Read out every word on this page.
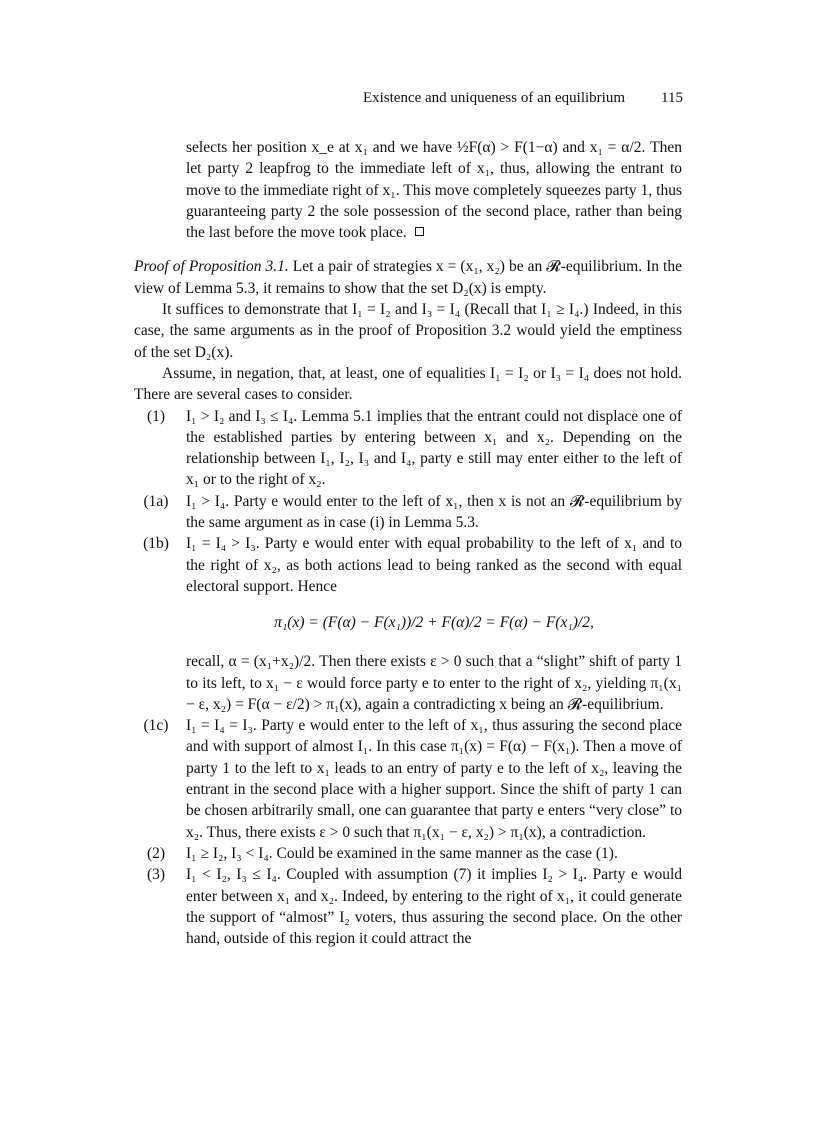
Existence and uniqueness of an equilibrium 115

selects her position x_e at x₁ and we have ½F(α) > F(1−α) and x₁ = α/2. Then let party 2 leapfrog to the immediate left of x₁, thus, allowing the entrant to move to the immediate right of x₁. This move completely squeezes party 1, thus guaranteeing party 2 the sole possession of the second place, rather than being the last before the move took place.

Proof of Proposition 3.1. Let a pair of strategies x = (x₁, x₂) be an 𝓡-equilibrium. In the view of Lemma 5.3, it remains to show that the set D₂(x) is empty.

It suffices to demonstrate that I₁ = I₂ and I₃ = I₄ (Recall that I₁ ≥ I₄.) Indeed, in this case, the same arguments as in the proof of Proposition 3.2 would yield the emptiness of the set D₂(x).

Assume, in negation, that, at least, one of equalities I₁ = I₂ or I₃ = I₄ does not hold. There are several cases to consider.

(1)	I₁ > I₂ and I₃ ≤ I₄. Lemma 5.1 implies that the entrant could not displace one of the established parties by entering between x₁ and x₂. Depending on the relationship between I₁, I₂, I₃ and I₄, party e still may enter either to the left of x₁ or to the right of x₂.
(1a)	I₁ > I₄. Party e would enter to the left of x₁, then x is not an 𝓡-equilibrium by the same argument as in case (i) in Lemma 5.3.
(1b)	I₁ = I₄ > I₃. Party e would enter with equal probability to the left of x₁ and to the right of x₂, as both actions lead to being ranked as the second with equal electoral support. Hence
π₁(x) = (F(α) − F(x₁))/2 + F(α)/2 = F(α) − F(x₁)/2,
recall, α = (x₁+x₂)/2. Then there exists ε > 0 such that a “slight” shift of party 1 to its left, to x₁ − ε would force party e to enter to the right of x₂, yielding π₁(x₁ − ε, x₂) = F(α − ε/2) > π₁(x), again a contradicting x being an 𝓡-equilibrium.
(1c)	I₁ = I₄ = I₃. Party e would enter to the left of x₁, thus assuring the second place and with support of almost I₁. In this case π₁(x) = F(α) − F(x₁). Then a move of party 1 to the left to x₁ leads to an entry of party e to the left of x₂, leaving the entrant in the second place with a higher support. Since the shift of party 1 can be chosen arbitrarily small, one can guarantee that party e enters “very close” to x₂. Thus, there exists ε > 0 such that π₁(x₁ − ε, x₂) > π₁(x), a contradiction.
(2)	I₁ ≥ I₂, I₃ < I₄. Could be examined in the same manner as the case (1).
(3)	I₁ < I₂, I₃ ≤ I₄. Coupled with assumption (7) it implies I₂ > I₄. Party e would enter between x₁ and x₂. Indeed, by entering to the right of x₁, it could generate the support of “almost” I₂ voters, thus assuring the second place. On the other hand, outside of this region it could attract the
